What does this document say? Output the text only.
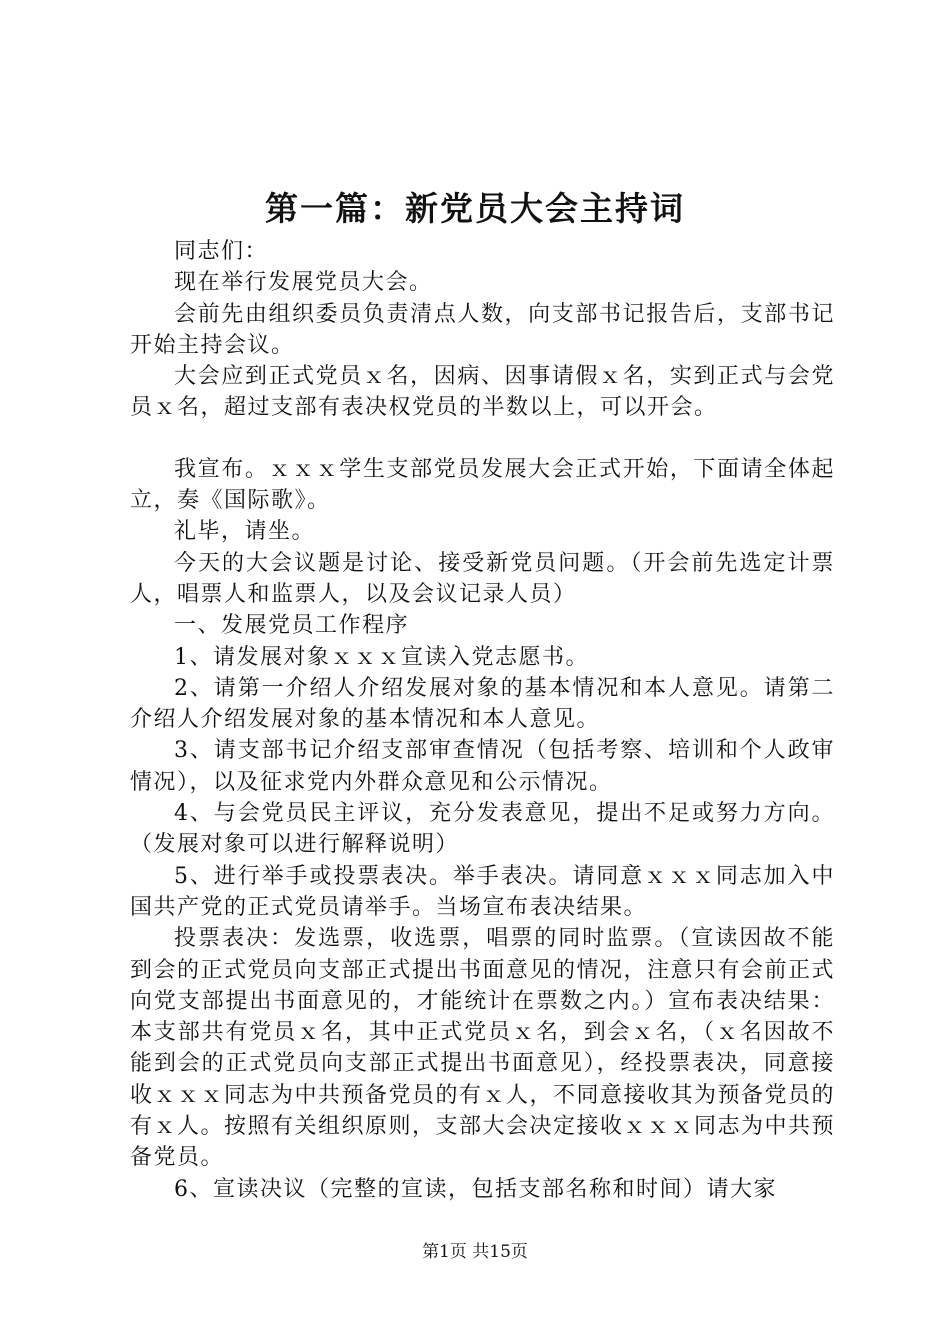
第一篇：新党员大会主持词

同志们：

现在举行发展党员大会。

会前先由组织委员负责清点人数，向支部书记报告后，支部书记开始主持会议。

大会应到正式党员ｘ名，因病、因事请假ｘ名，实到正式与会党员ｘ名，超过支部有表决权党员的半数以上，可以开会。

我宣布。ｘｘｘ学生支部党员发展大会正式开始，下面请全体起立，奏《国际歌》。

礼毕，请坐。

今天的大会议题是讨论、接受新党员问题。（开会前先选定计票人，唱票人和监票人，以及会议记录人员）

一、发展党员工作程序

1、请发展对象ｘｘｘ宣读入党志愿书。

2、请第一介绍人介绍发展对象的基本情况和本人意见。请第二介绍人介绍发展对象的基本情况和本人意见。

3、请支部书记介绍支部审查情况（包括考察、培训和个人政审情况），以及征求党内外群众意见和公示情况。

4、与会党员民主评议，充分发表意见，提出不足或努力方向。（发展对象可以进行解释说明）

5、进行举手或投票表决。举手表决。请同意ｘｘｘ同志加入中国共产党的正式党员请举手。当场宣布表决结果。

投票表决：发选票，收选票，唱票的同时监票。（宣读因故不能到会的正式党员向支部正式提出书面意见的情况，注意只有会前正式向党支部提出书面意见的，才能统计在票数之内。）宣布表决结果：本支部共有党员ｘ名，其中正式党员ｘ名，到会ｘ名，（ｘ名因故不能到会的正式党员向支部正式提出书面意见），经投票表决，同意接收ｘｘｘ同志为中共预备党员的有ｘ人，不同意接收其为预备党员的有ｘ人。按照有关组织原则，支部大会决定接收ｘｘｘ同志为中共预备党员。

6、宣读决议（完整的宣读，包括支部名称和时间）请大家

第1页 共15页
